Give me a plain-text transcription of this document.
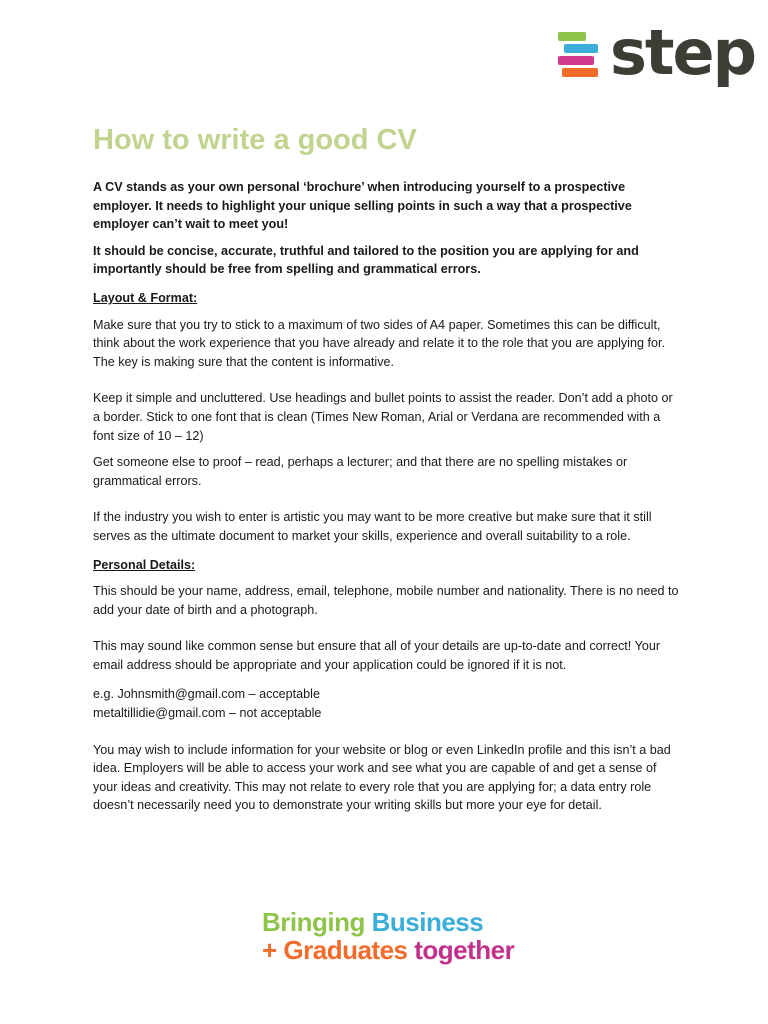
step
How to write a good CV

A CV stands as your own personal ‘brochure’ when introducing yourself to a prospective employer. It needs to highlight your unique selling points in such a way that a prospective employer can’t wait to meet you!

It should be concise, accurate, truthful and tailored to the position you are applying for and importantly should be free from spelling and grammatical errors.

Layout & Format:

Make sure that you try to stick to a maximum of two sides of A4 paper. Sometimes this can be difficult, think about the work experience that you have already and relate it to the role that you are applying for. The key is making sure that the content is informative.

Keep it simple and uncluttered. Use headings and bullet points to assist the reader. Don’t add a photo or a border. Stick to one font that is clean (Times New Roman, Arial or Verdana are recommended with a font size of 10 – 12)

Get someone else to proof – read, perhaps a lecturer; and that there are no spelling mistakes or grammatical errors.

If the industry you wish to enter is artistic you may want to be more creative but make sure that it still serves as the ultimate document to market your skills, experience and overall suitability to a role.

Personal Details:

This should be your name, address, email, telephone, mobile number and nationality. There is no need to add your date of birth and a photograph.

This may sound like common sense but ensure that all of your details are up-to-date and correct! Your email address should be appropriate and your application could be ignored if it is not.

e.g. Johnsmith@gmail.com – acceptable

metaltillidie@gmail.com – not acceptable

You may wish to include information for your website or blog or even LinkedIn profile and this isn’t a bad idea. Employers will be able to access your work and see what you are capable of and get a sense of your ideas and creativity. This may not relate to every role that you are applying for; a data entry role doesn’t necessarily need you to demonstrate your writing skills but more your eye for detail.

Bringing Business
+ Graduates together
